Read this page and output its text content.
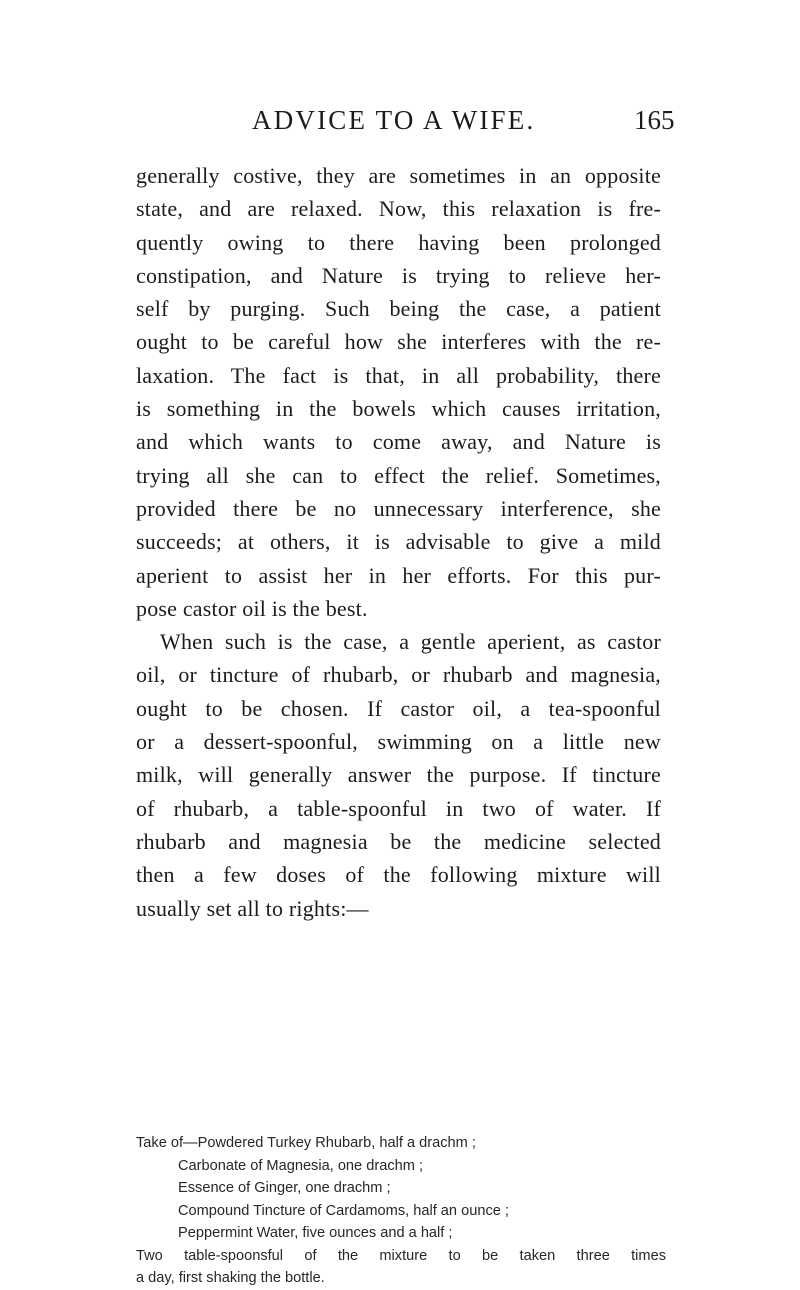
ADVICE TO A WIFE.	165
generally costive, they are sometimes in an opposite
state, and are relaxed. Now, this relaxation is fre-
quently owing to there having been prolonged
constipation, and Nature is trying to relieve her-
self by purging. Such being the case, a patient
ought to be careful how she interferes with the re-
laxation. The fact is that, in all probability, there
is something in the bowels which causes irritation,
and which wants to come away, and Nature is
trying all she can to effect the relief. Sometimes,
provided there be no unnecessary interference, she
succeeds; at others, it is advisable to give a mild
aperient to assist her in her efforts. For this pur-
pose castor oil is the best.
When such is the case, a gentle aperient, as castor
oil, or tincture of rhubarb, or rhubarb and magnesia,
ought to be chosen. If castor oil, a tea-spoonful
or a dessert-spoonful, swimming on a little new
milk, will generally answer the purpose. If tincture
of rhubarb, a table-spoonful in two of water. If
rhubarb and magnesia be the medicine selected
then a few doses of the following mixture will
usually set all to rights:—
Take of—Powdered Turkey Rhubarb, half a drachm ;
Carbonate of Magnesia, one drachm ;
Essence of Ginger, one drachm ;
Compound Tincture of Cardamoms, half an ounce ;
Peppermint Water, five ounces and a half ;
Two table-spoonsful of the mixture to be taken three times
a day, first shaking the bottle.
